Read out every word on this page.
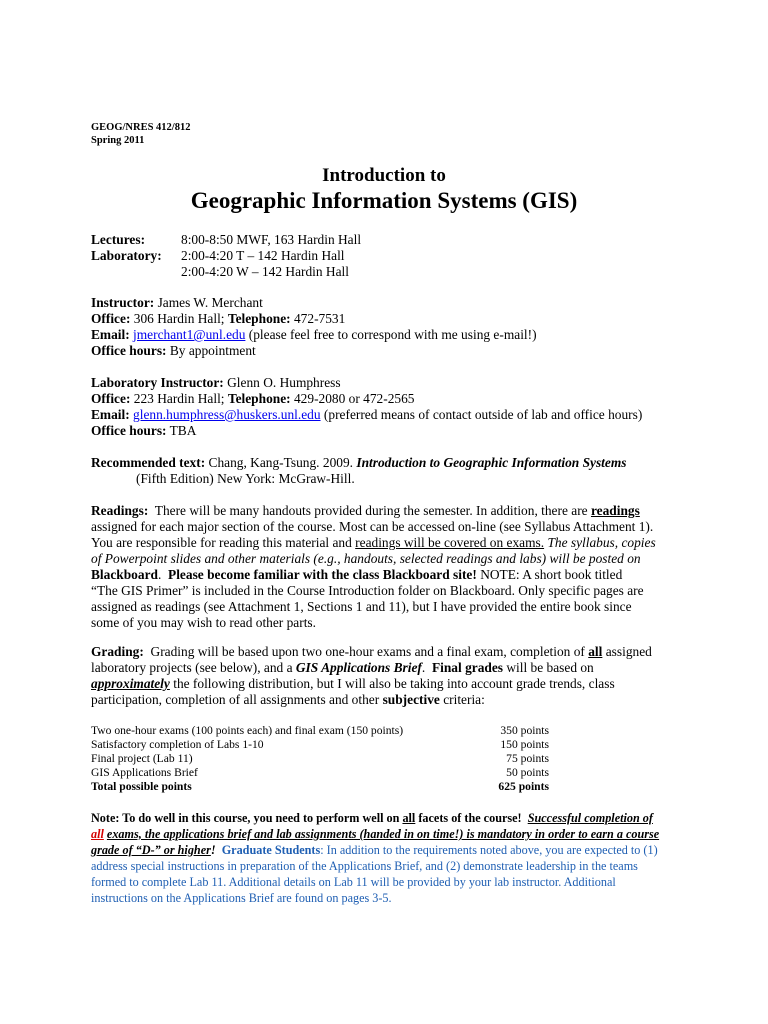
GEOG/NRES 412/812
Spring 2011
Introduction to
Geographic Information Systems (GIS)
Lectures:	8:00-8:50 MWF, 163 Hardin Hall
Laboratory: 2:00-4:20 T – 142 Hardin Hall
2:00-4:20 W – 142 Hardin Hall
Instructor: James W. Merchant
Office: 306 Hardin Hall; Telephone: 472-7531
Email: jmerchant1@unl.edu (please feel free to correspond with me using e-mail!)
Office hours: By appointment
Laboratory Instructor: Glenn O. Humphress
Office: 223 Hardin Hall; Telephone: 429-2080 or 472-2565
Email: glenn.humphress@huskers.unl.edu (preferred means of contact outside of lab and office hours)
Office hours: TBA
Recommended text: Chang, Kang-Tsung. 2009. Introduction to Geographic Information Systems
(Fifth Edition) New York: McGraw-Hill.
Readings: There will be many handouts provided during the semester. In addition, there are readings
assigned for each major section of the course. Most can be accessed on-line (see Syllabus Attachment 1).
You are responsible for reading this material and readings will be covered on exams. The syllabus, copies
of Powerpoint slides and other materials (e.g., handouts, selected readings and labs) will be posted on
Blackboard. Please become familiar with the class Blackboard site! NOTE: A short book titled
“The GIS Primer” is included in the Course Introduction folder on Blackboard. Only specific pages are
assigned as readings (see Attachment 1, Sections 1 and 11), but I have provided the entire book since
some of you may wish to read other parts.
Grading: Grading will be based upon two one-hour exams and a final exam, completion of all assigned
laboratory projects (see below), and a GIS Applications Brief. Final grades will be based on
approximately the following distribution, but I will also be taking into account grade trends, class
participation, completion of all assignments and other subjective criteria:
Two one-hour exams (100 points each) and final exam (150 points)	350 points
Satisfactory completion of Labs 1-10	150 points
Final project (Lab 11)	75 points
GIS Applications Brief	50 points
Total possible points	625 points
Note: To do well in this course, you need to perform well on all facets of the course! Successful completion of
all exams, the applications brief and lab assignments (handed in on time!) is mandatory in order to earn a course
grade of “D-” or higher! Graduate Students: In addition to the requirements noted above, you are expected to (1)
address special instructions in preparation of the Applications Brief, and (2) demonstrate leadership in the teams
formed to complete Lab 11. Additional details on Lab 11 will be provided by your lab instructor. Additional
instructions on the Applications Brief are found on pages 3-5.
